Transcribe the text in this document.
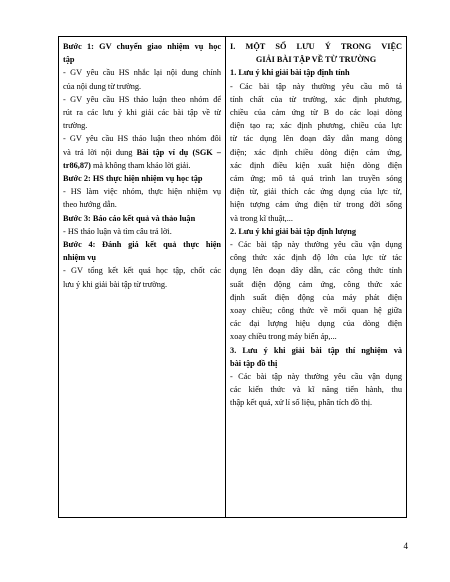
Bước 1: GV chuyển giao nhiệm vụ học
tập
- GV yêu cầu HS nhắc lại nội dung chính
của nội dung từ trường.
- GV yêu cầu HS thảo luận theo nhóm để
rút ra các lưu ý khi giải các bài tập về từ
trường.
- GV yêu cầu HS thảo luận theo nhóm đôi
và trả lời nội dung Bài tập ví dụ (SGK –
tr86,87) mà không tham khảo lời giải.
Bước 2: HS thực hiện nhiệm vụ học tập
- HS làm việc nhóm, thực hiện nhiệm vụ
theo hướng dẫn.
Bước 3: Báo cáo kết quả và thảo luận
- HS thảo luận và tìm câu trả lời.
Bước 4: Đánh giá kết quả thực hiện
nhiệm vụ
- GV tổng kết kết quả học tập, chốt các
lưu ý khi giải bài tập từ trường.
I. MỘT SỐ LƯU Ý TRONG VIỆC
GIẢI BÀI TẬP VỀ TỪ TRƯỜNG
1. Lưu ý khi giải bài tập định tính
- Các bài tập này thường yêu cầu mô tả
tính chất của từ trường, xác định phương,
chiều của cảm ứng từ B do các loại dòng
điện tạo ra; xác định phương, chiều của lực
từ tác dụng lên đoạn dây dẫn mang dòng
điện; xác định chiều dòng điện cảm ứng,
xác định điều kiện xuất hiện dòng điện
cảm ứng; mô tả quá trình lan truyền sóng
điện từ, giải thích các ứng dụng của lực từ,
hiện tượng cảm ứng điện từ trong đời sống
và trong kĩ thuật,...
2. Lưu ý khi giải bài tập định lượng
- Các bài tập này thường yêu cầu vận dụng
công thức xác định độ lớn của lực từ tác
dụng lên đoạn dây dẫn, các công thức tính
suất điện động cảm ứng, công thức xác
định suất điện động của máy phát điện
xoay chiều; công thức về mối quan hệ giữa
các đại lượng hiệu dụng của dòng điện
xoay chiều trong máy biến áp,...
3. Lưu ý khi giải bài tập thí nghiệm và
bài tập đồ thị
- Các bài tập này thường yêu cầu vận dụng
các kiến thức và kĩ năng tiến hành, thu
thập kết quả, xử lí số liệu, phân tích đồ thị.
4
